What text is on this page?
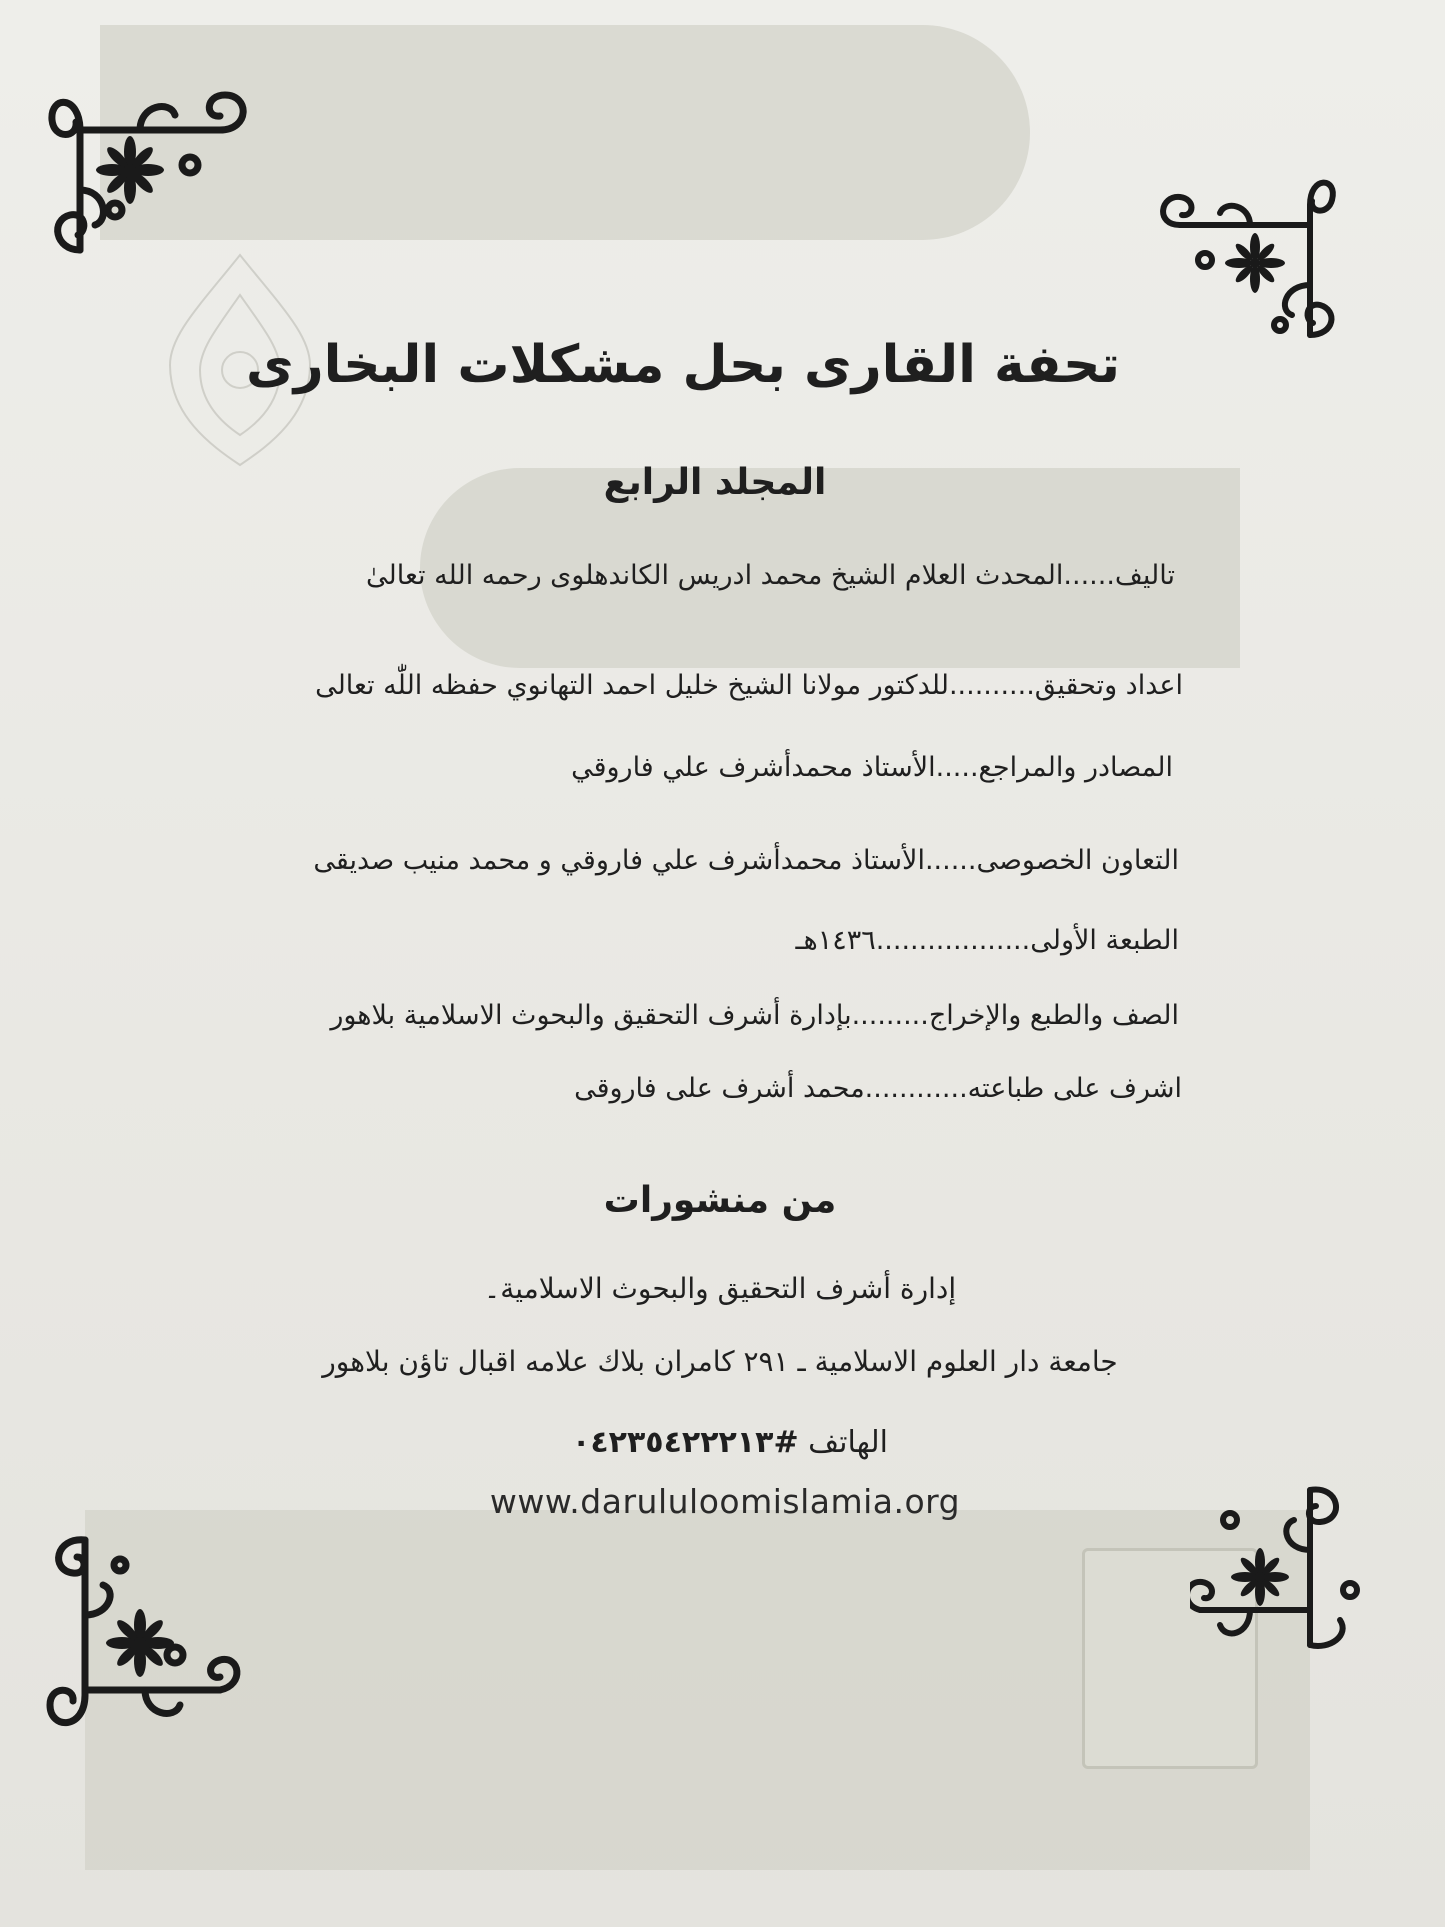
تحفة القارى بحل مشكلات البخارى
المجلد الرابع
تاليف......المحدث العلام الشيخ محمد ادريس الكاندهلوى رحمه الله تعالىٰ
اعداد وتحقيق..........للدكتور مولانا الشيخ خليل احمد التهانوي حفظه اللّٰه تعالى
المصادر والمراجع.....الأستاذ محمدأشرف علي فاروقي
التعاون الخصوصى......الأستاذ محمدأشرف علي فاروقي و محمد منيب صديقى
الطبعة الأولى..................١٤٣٦هـ
الصف والطبع والإخراج.........بإدارة أشرف التحقيق والبحوث الاسلامية بلاهور
اشرف على طباعته............محمد أشرف على فاروقى
من منشورات
إدارة أشرف التحقيق والبحوث الاسلامية۔
جامعة دار العلوم الاسلامية ـ ٢٩١ كامران بلاك علامه اقبال تاؤن بلاهور
الهاتف #٠٤٢٣٥٤٢٢٢١٣
www.darululoomislamia.org
